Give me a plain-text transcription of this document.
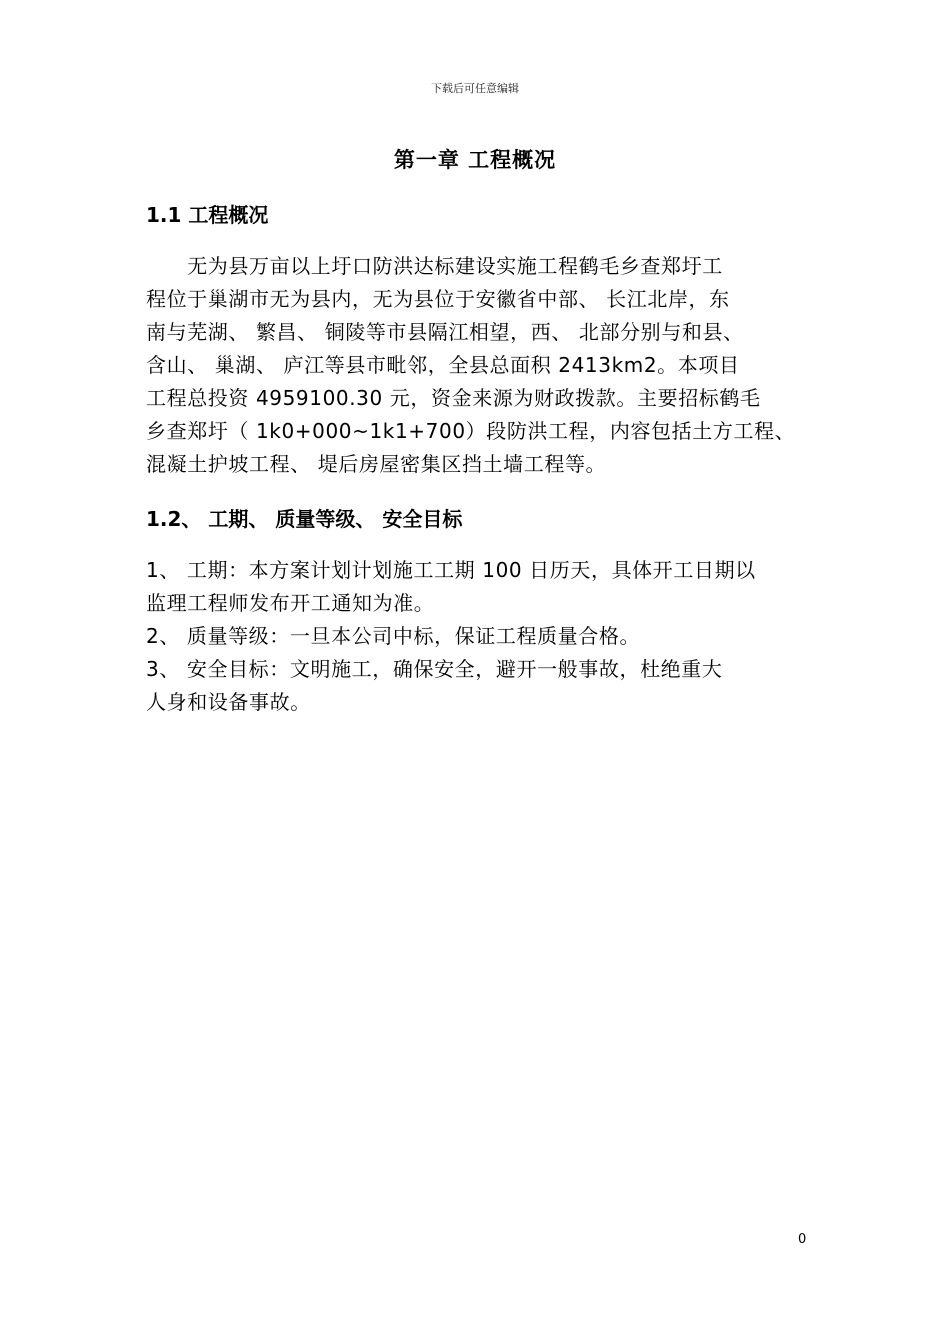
下载后可任意编辑
第一章 工程概况
1.1 工程概况
　　无为县万亩以上圩口防洪达标建设实施工程鹤毛乡查郑圩工
程位于巢湖市无为县内，无为县位于安徽省中部、 长江北岸，东
南与芜湖、 繁昌、 铜陵等市县隔江相望，西、 北部分别与和县、
含山、 巢湖、 庐江等县市毗邻，全县总面积 2413km2。本项目
工程总投资 4959100.30 元，资金来源为财政拨款。主要招标鹤毛
乡查郑圩（ 1k0+000~1k1+700）段防洪工程，内容包括土方工程、
混凝土护坡工程、 堤后房屋密集区挡土墙工程等。
1.2、 工期、 质量等级、 安全目标
1、 工期：本方案计划计划施工工期 100 日历天，具体开工日期以
监理工程师发布开工通知为准。
2、 质量等级：一旦本公司中标，保证工程质量合格。
3、 安全目标：文明施工，确保安全，避开一般事故，杜绝重大
人身和设备事故。
0
